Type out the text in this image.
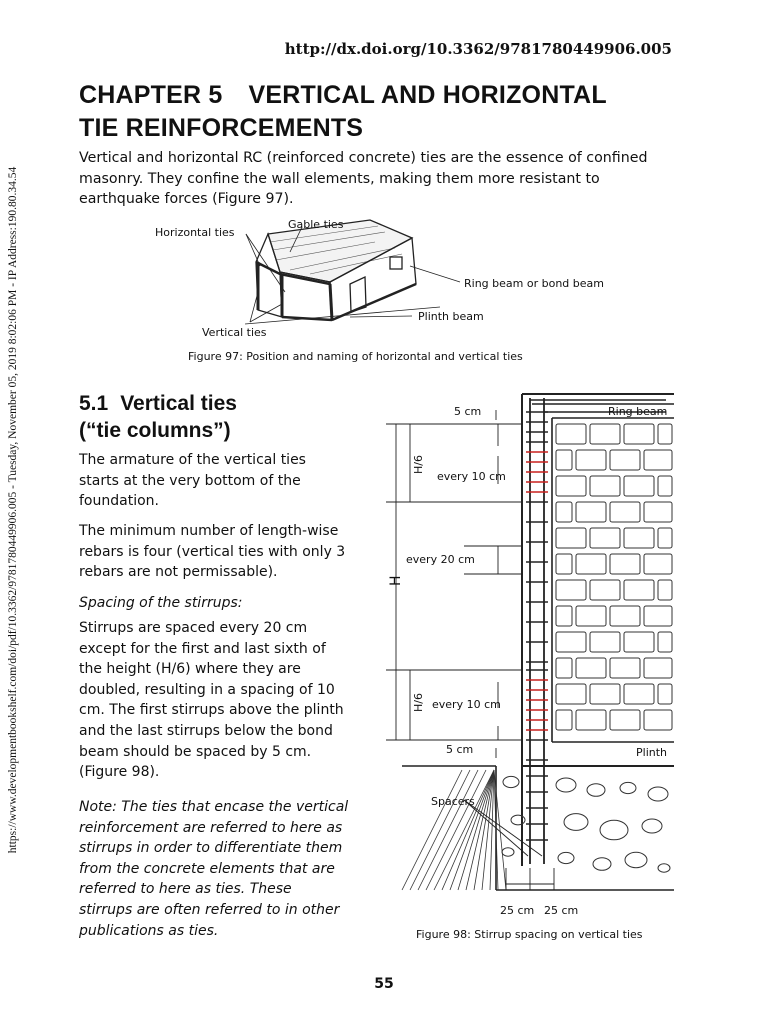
http://dx.doi.org/10.3362/9781780449906.005
https://www.developmentbookshelf.com/doi/pdf/10.3362/9781780449906.005 - Tuesday, November 05, 2019 8:02:06 PM - IP Address:190.80.34.54
CHAPTER 5 VERTICAL AND HORIZONTAL
TIE REINFORCEMENTS

Vertical and horizontal RC (reinforced concrete) ties are the essence of confined masonry. They confine the wall elements, making them more resistant to earthquake forces (Figure 97).

Gable ties
Horizontal ties
Ring beam or bond beam
Plinth beam
Vertical ties
Figure 97: Position and naming of horizontal and vertical ties
5.1 Vertical ties
(“tie columns”)

The armature of the vertical ties starts at the very bottom of the foundation.

The minimum number of length-wise rebars is four (vertical ties with only 3 rebars are not permissable).

Spacing of the stirrups:

Stirrups are spaced every 20 cm except for the first and last sixth of the height (H/6) where they are doubled, resulting in a spacing of 10 cm. The first stirrups above the plinth and the last stirrups below the bond beam should be spaced by 5 cm. (Figure 98).

Note: The ties that encase the vertical reinforcement are referred to here as stirrups in order to differentiate them from the concrete elements that are referred to here as ties. These stirrups are often referred to in other publications as ties.

5 cm	Ring beam
H/6
every 10 cm
every 20 cm
H
H/6 every 10 cm
5 cm	Plinth
Spacers
25 cm 25 cm
Figure 98: Stirrup spacing on vertical ties
55
